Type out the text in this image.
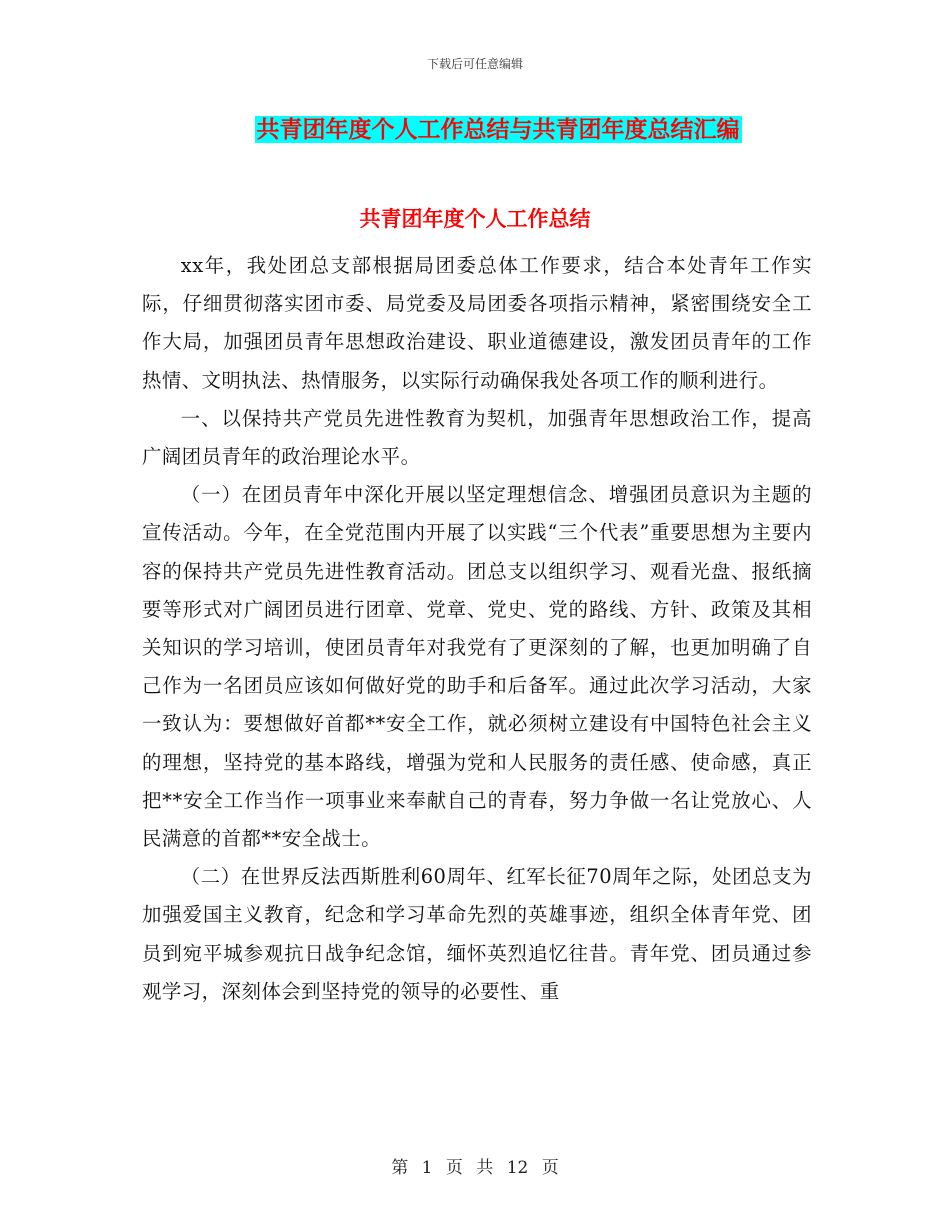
下载后可任意编辑
共青团年度个人工作总结与共青团年度总结汇编
共青团年度个人工作总结

xx年，我处团总支部根据局团委总体工作要求，结合本处青年工作实际，仔细贯彻落实团市委、局党委及局团委各项指示精神，紧密围绕安全工作大局，加强团员青年思想政治建设、职业道德建设，激发团员青年的工作热情、文明执法、热情服务，以实际行动确保我处各项工作的顺利进行。

一、以保持共产党员先进性教育为契机，加强青年思想政治工作，提高广阔团员青年的政治理论水平。

（一）在团员青年中深化开展以坚定理想信念、增强团员意识为主题的宣传活动。今年，在全党范围内开展了以实践“三个代表”重要思想为主要内容的保持共产党员先进性教育活动。团总支以组织学习、观看光盘、报纸摘要等形式对广阔团员进行团章、党章、党史、党的路线、方针、政策及其相关知识的学习培训，使团员青年对我党有了更深刻的了解，也更加明确了自己作为一名团员应该如何做好党的助手和后备军。通过此次学习活动，大家一致认为：要想做好首都**安全工作，就必须树立建设有中国特色社会主义的理想，坚持党的基本路线，增强为党和人民服务的责任感、使命感，真正把**安全工作当作一项事业来奉献自己的青春，努力争做一名让党放心、人民满意的首都**安全战士。

（二）在世界反法西斯胜利60周年、红军长征70周年之际，处团总支为加强爱国主义教育，纪念和学习革命先烈的英雄事迹，组织全体青年党、团员到宛平城参观抗日战争纪念馆，缅怀英烈追忆往昔。青年党、团员通过参观学习，深刻体会到坚持党的领导的必要性、重

第 1 页 共 12 页
